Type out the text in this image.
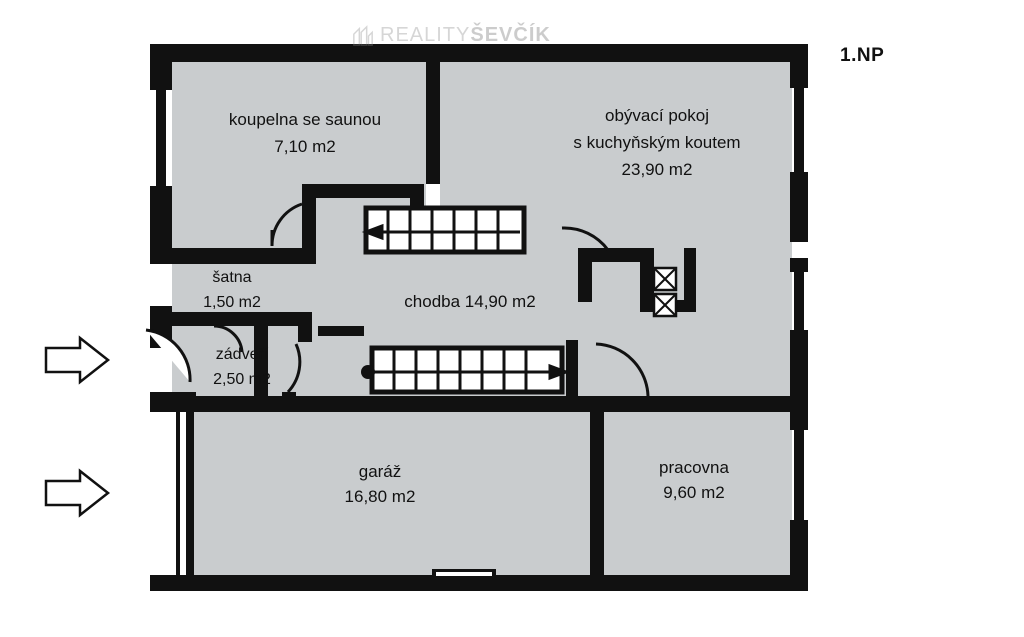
koupelna se saunou
7,10 m2
obývací pokoj
s kuchyňským koutem
23,90 m2
šatna
1,50 m2	chodba 14,90 m2
zádveří
2,50 m2
garáž
16,80 m2
pracovna
9,60 m2
1.NP
REALITYŠEVČÍK
